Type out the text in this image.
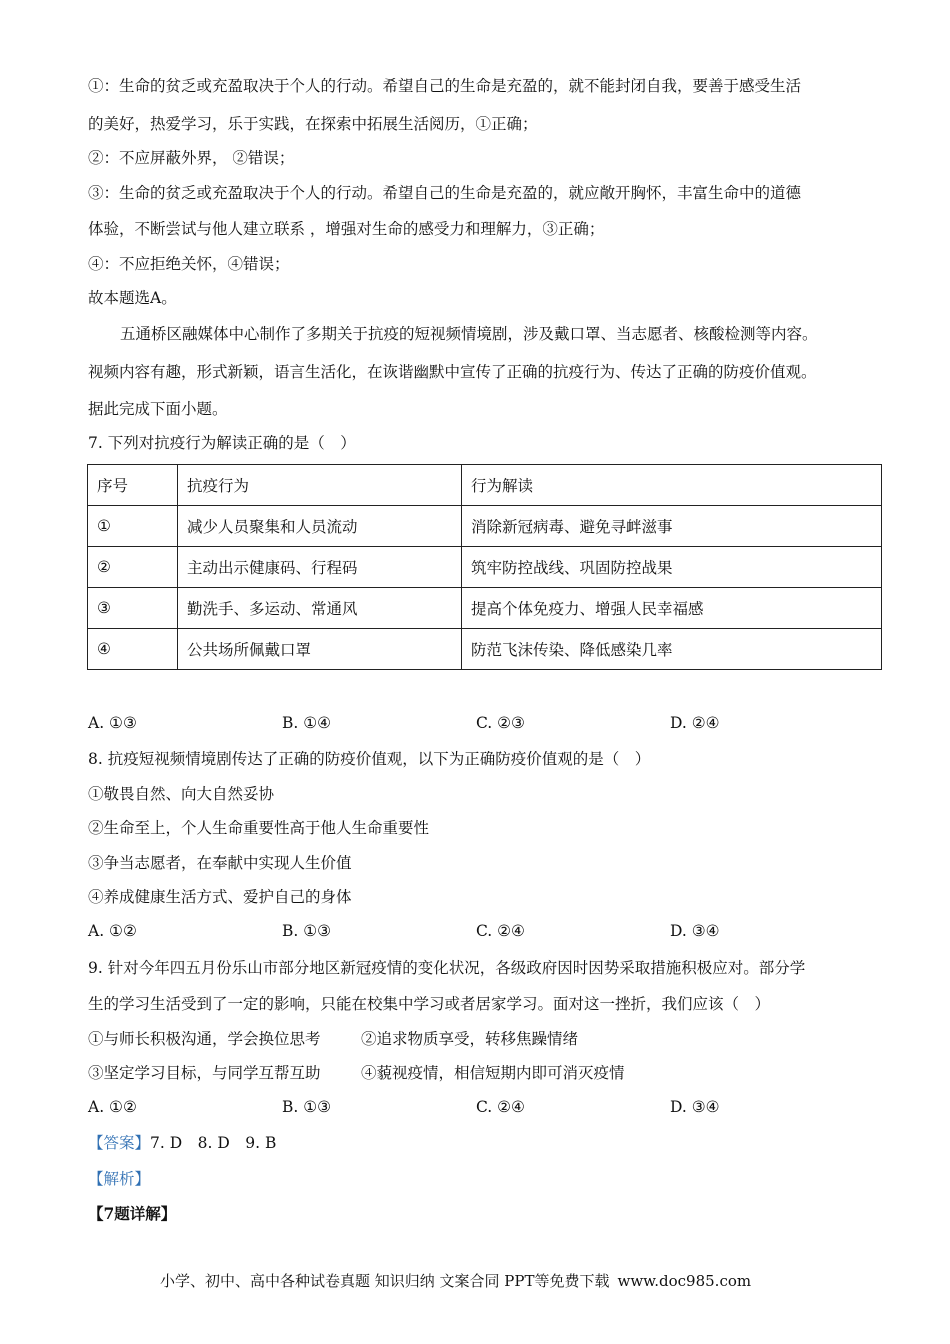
①：生命的贫乏或充盈取决于个人的行动。希望自己的生命是充盈的，就不能封闭自我，要善于感受生活
的美好，热爱学习，乐于实践，在探索中拓展生活阅历，①正确；
②：不应屏蔽外界， ②错误；
③：生命的贫乏或充盈取决于个人的行动。希望自己的生命是充盈的，就应敞开胸怀，丰富生命中的道德
体验，不断尝试与他人建立联系 ，增强对生命的感受力和理解力，③正确；
④：不应拒绝关怀，④错误；
故本题选A。
五通桥区融媒体中心制作了多期关于抗疫的短视频情境剧，涉及戴口罩、当志愿者、核酸检测等内容。
视频内容有趣，形式新颖，语言生活化，在诙谐幽默中宣传了正确的抗疫行为、传达了正确的防疫价值观。
据此完成下面小题。
7. 下列对抗疫行为解读正确的是（　）
序号	抗疫行为	行为解读
①	减少人员聚集和人员流动	消除新冠病毒、避免寻衅滋事
②	主动出示健康码、行程码	筑牢防控战线、巩固防控战果
③	勤洗手、多运动、常通风	提高个体免疫力、增强人民幸福感
④	公共场所佩戴口罩	防范飞沫传染、降低感染几率
A. ①③	B. ①④	C. ②③	D. ②④
8. 抗疫短视频情境剧传达了正确的防疫价值观，以下为正确防疫价值观的是（　）
①敬畏自然、向大自然妥协
②生命至上，个人生命重要性高于他人生命重要性
③争当志愿者，在奉献中实现人生价值
④养成健康生活方式、爱护自己的身体
A. ①②	B. ①③	C. ②④	D. ③④
9. 针对今年四五月份乐山市部分地区新冠疫情的变化状况，各级政府因时因势采取措施积极应对。部分学
生的学习生活受到了一定的影响，只能在校集中学习或者居家学习。面对这一挫折，我们应该（　）
①与师长积极沟通，学会换位思考	②追求物质享受，转移焦躁情绪
③坚定学习目标，与同学互帮互助	④藐视疫情，相信短期内即可消灭疫情
A. ①②	B. ①③	C. ②④	D. ③④
【答案】7. D　8. D　9. B
【解析】
【7题详解】
小学、初中、高中各种试卷真题 知识归纳 文案合同 PPT等免费下载 www.doc985.com
